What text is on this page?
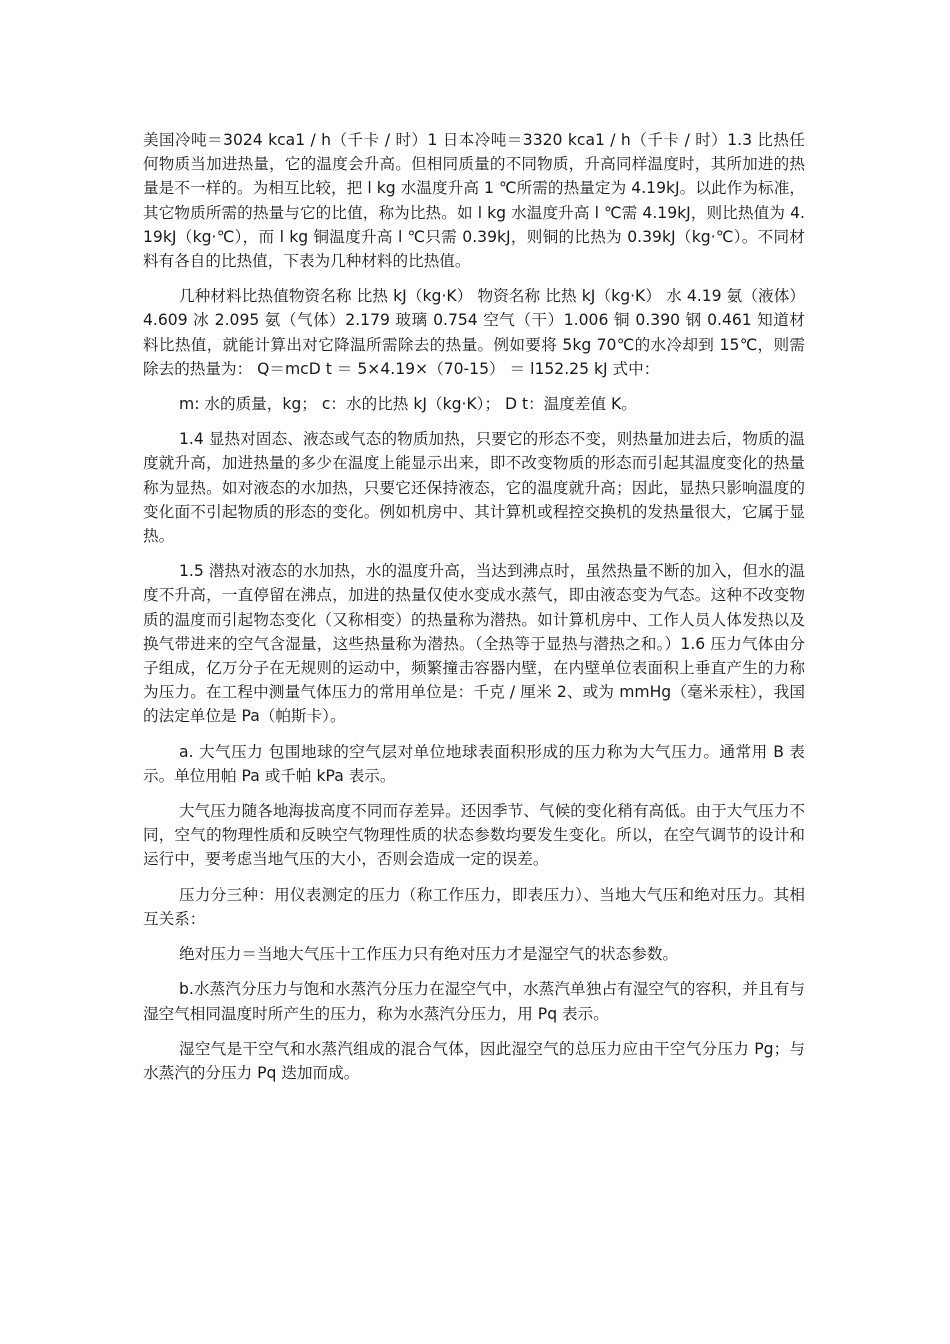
美国冷吨＝3024 kca1 / h（千卡 / 时）1 日本冷吨＝3320 kca1 / h（千卡 / 时）1.3 比热任何物质当加进热量，它的温度会升高。但相同质量的不同物质，升高同样温度时，其所加进的热量是不一样的。为相互比较，把 l kg 水温度升高 1 ℃所需的热量定为 4.19kJ。以此作为标准，其它物质所需的热量与它的比值，称为比热。如 l kg 水温度升高 l ℃需 4.19kJ，则比热值为 4.19kJ（kg·℃），而 l kg 铜温度升高 l ℃只需 0.39kJ，则铜的比热为 0.39kJ（kg·℃）。不同材料有各自的比热值，下表为几种材料的比热值。

几种材料比热值物资名称 比热 kJ（kg·K） 物资名称 比热 kJ（kg·K） 水 4.19 氨（液体）4.609 冰 2.095 氨（气体）2.179 玻璃 0.754 空气（干）1.006 铜 0.390 钢 0.461 知道材料比热值，就能计算出对它降温所需除去的热量。例如要将 5kg 70℃的水冷却到 15℃，则需除去的热量为： Q＝mcD t ＝ 5×4.19×（70-15） ＝ l152.25 kJ 式中：

m: 水的质量，kg； c：水的比热 kJ（kg·K）； D t：温度差值 K。

1.4 显热对固态、液态或气态的物质加热，只要它的形态不变，则热量加进去后，物质的温度就升高，加进热量的多少在温度上能显示出来，即不改变物质的形态而引起其温度变化的热量称为显热。如对液态的水加热，只要它还保持液态，它的温度就升高；因此，显热只影响温度的变化面不引起物质的形态的变化。例如机房中、其计算机或程控交换机的发热量很大，它属于显热。

1.5 潜热对液态的水加热，水的温度升高，当达到沸点时，虽然热量不断的加入，但水的温度不升高，一直停留在沸点，加进的热量仅使水变成水蒸气，即由液态变为气态。这种不改变物质的温度而引起物态变化（又称相变）的热量称为潜热。如计算机房中、工作人员人体发热以及换气带进来的空气含湿量，这些热量称为潜热。（全热等于显热与潜热之和。）1.6 压力气体由分子组成，亿万分子在无规则的运动中，频繁撞击容器内壁，在内壁单位表面积上垂直产生的力称为压力。在工程中测量气体压力的常用单位是：千克 / 厘米 2、或为 mmHg（毫米汞柱），我国的法定单位是 Pa（帕斯卡）。

a. 大气压力 包围地球的空气层对单位地球表面积形成的压力称为大气压力。通常用 B 表示。单位用帕 Pa 或千帕 kPa 表示。

大气压力随各地海拔高度不同而存差异。还因季节、气候的变化稍有高低。由于大气压力不同，空气的物理性质和反映空气物理性质的状态参数均要发生变化。所以，在空气调节的设计和运行中，要考虑当地气压的大小，否则会造成一定的误差。

压力分三种：用仪表测定的压力（称工作压力，即表压力）、当地大气压和绝对压力。其相互关系：

绝对压力＝当地大气压十工作压力只有绝对压力才是湿空气的状态参数。

b.水蒸汽分压力与饱和水蒸汽分压力在湿空气中，水蒸汽单独占有湿空气的容积，并且有与湿空气相同温度时所产生的压力，称为水蒸汽分压力，用 Pq 表示。

湿空气是干空气和水蒸汽组成的混合气体，因此湿空气的总压力应由干空气分压力 Pg；与水蒸汽的分压力 Pq 迭加而成。
